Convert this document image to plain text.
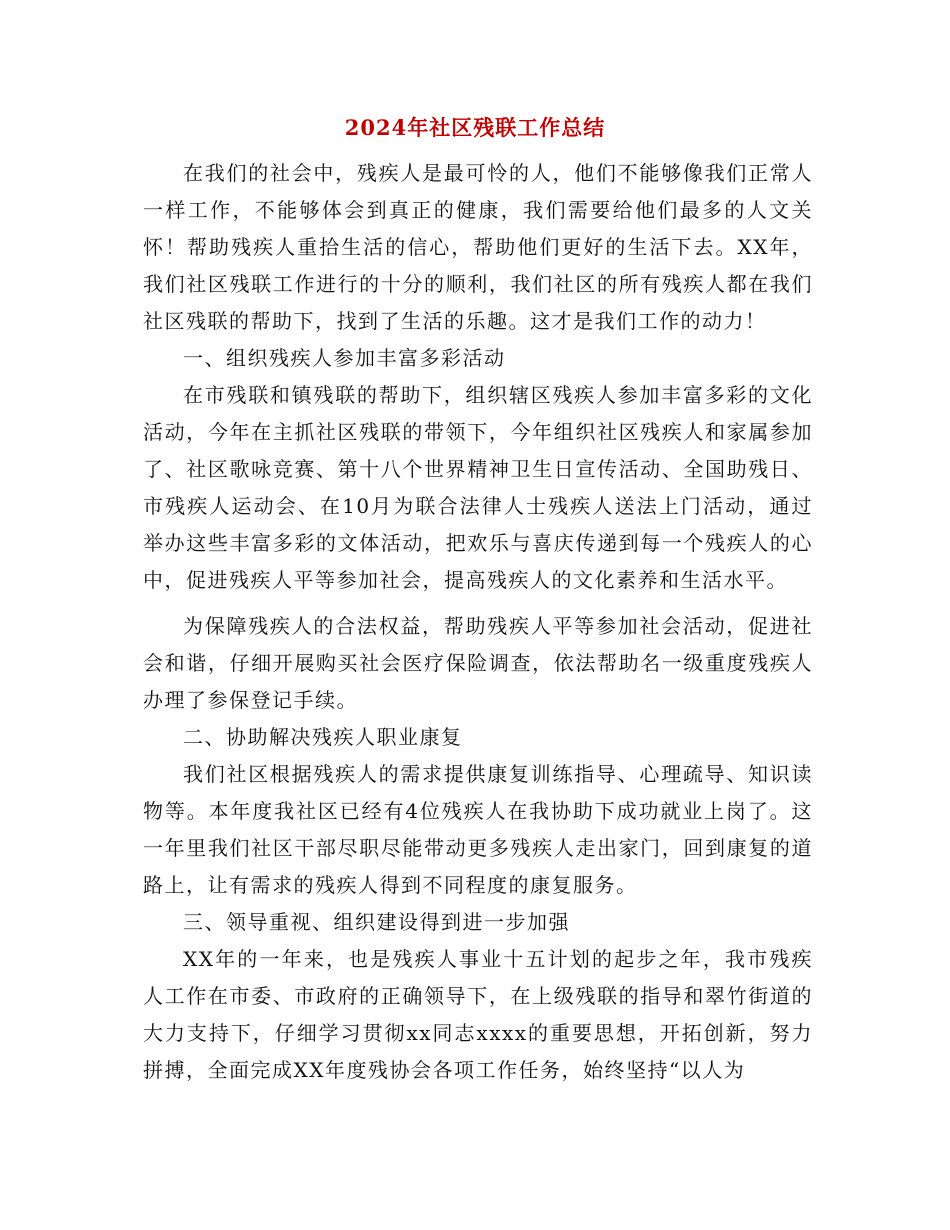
2024年社区残联工作总结

在我们的社会中，残疾人是最可怜的人，他们不能够像我们正常人一样工作，不能够体会到真正的健康，我们需要给他们最多的人文关怀！帮助残疾人重拾生活的信心，帮助他们更好的生活下去。XX年，我们社区残联工作进行的十分的顺利，我们社区的所有残疾人都在我们社区残联的帮助下，找到了生活的乐趣。这才是我们工作的动力！

一、组织残疾人参加丰富多彩活动

在市残联和镇残联的帮助下，组织辖区残疾人参加丰富多彩的文化活动，今年在主抓社区残联的带领下，今年组织社区残疾人和家属参加了、社区歌咏竞赛、第十八个世界精神卫生日宣传活动、全国助残日、市残疾人运动会、在10月为联合法律人士残疾人送法上门活动，通过举办这些丰富多彩的文体活动，把欢乐与喜庆传递到每一个残疾人的心中，促进残疾人平等参加社会，提高残疾人的文化素养和生活水平。

为保障残疾人的合法权益，帮助残疾人平等参加社会活动，促进社会和谐，仔细开展购买社会医疗保险调查，依法帮助名一级重度残疾人办理了参保登记手续。

二、协助解决残疾人职业康复

我们社区根据残疾人的需求提供康复训练指导、心理疏导、知识读物等。本年度我社区已经有4位残疾人在我协助下成功就业上岗了。这一年里我们社区干部尽职尽能带动更多残疾人走出家门，回到康复的道路上，让有需求的残疾人得到不同程度的康复服务。

三、领导重视、组织建设得到进一步加强

XX年的一年来，也是残疾人事业十五计划的起步之年，我市残疾人工作在市委、市政府的正确领导下，在上级残联的指导和翠竹街道的大力支持下，仔细学习贯彻xx同志xxxx的重要思想，开拓创新，努力拼搏，全面完成XX年度残协会各项工作任务，始终坚持“以人为
